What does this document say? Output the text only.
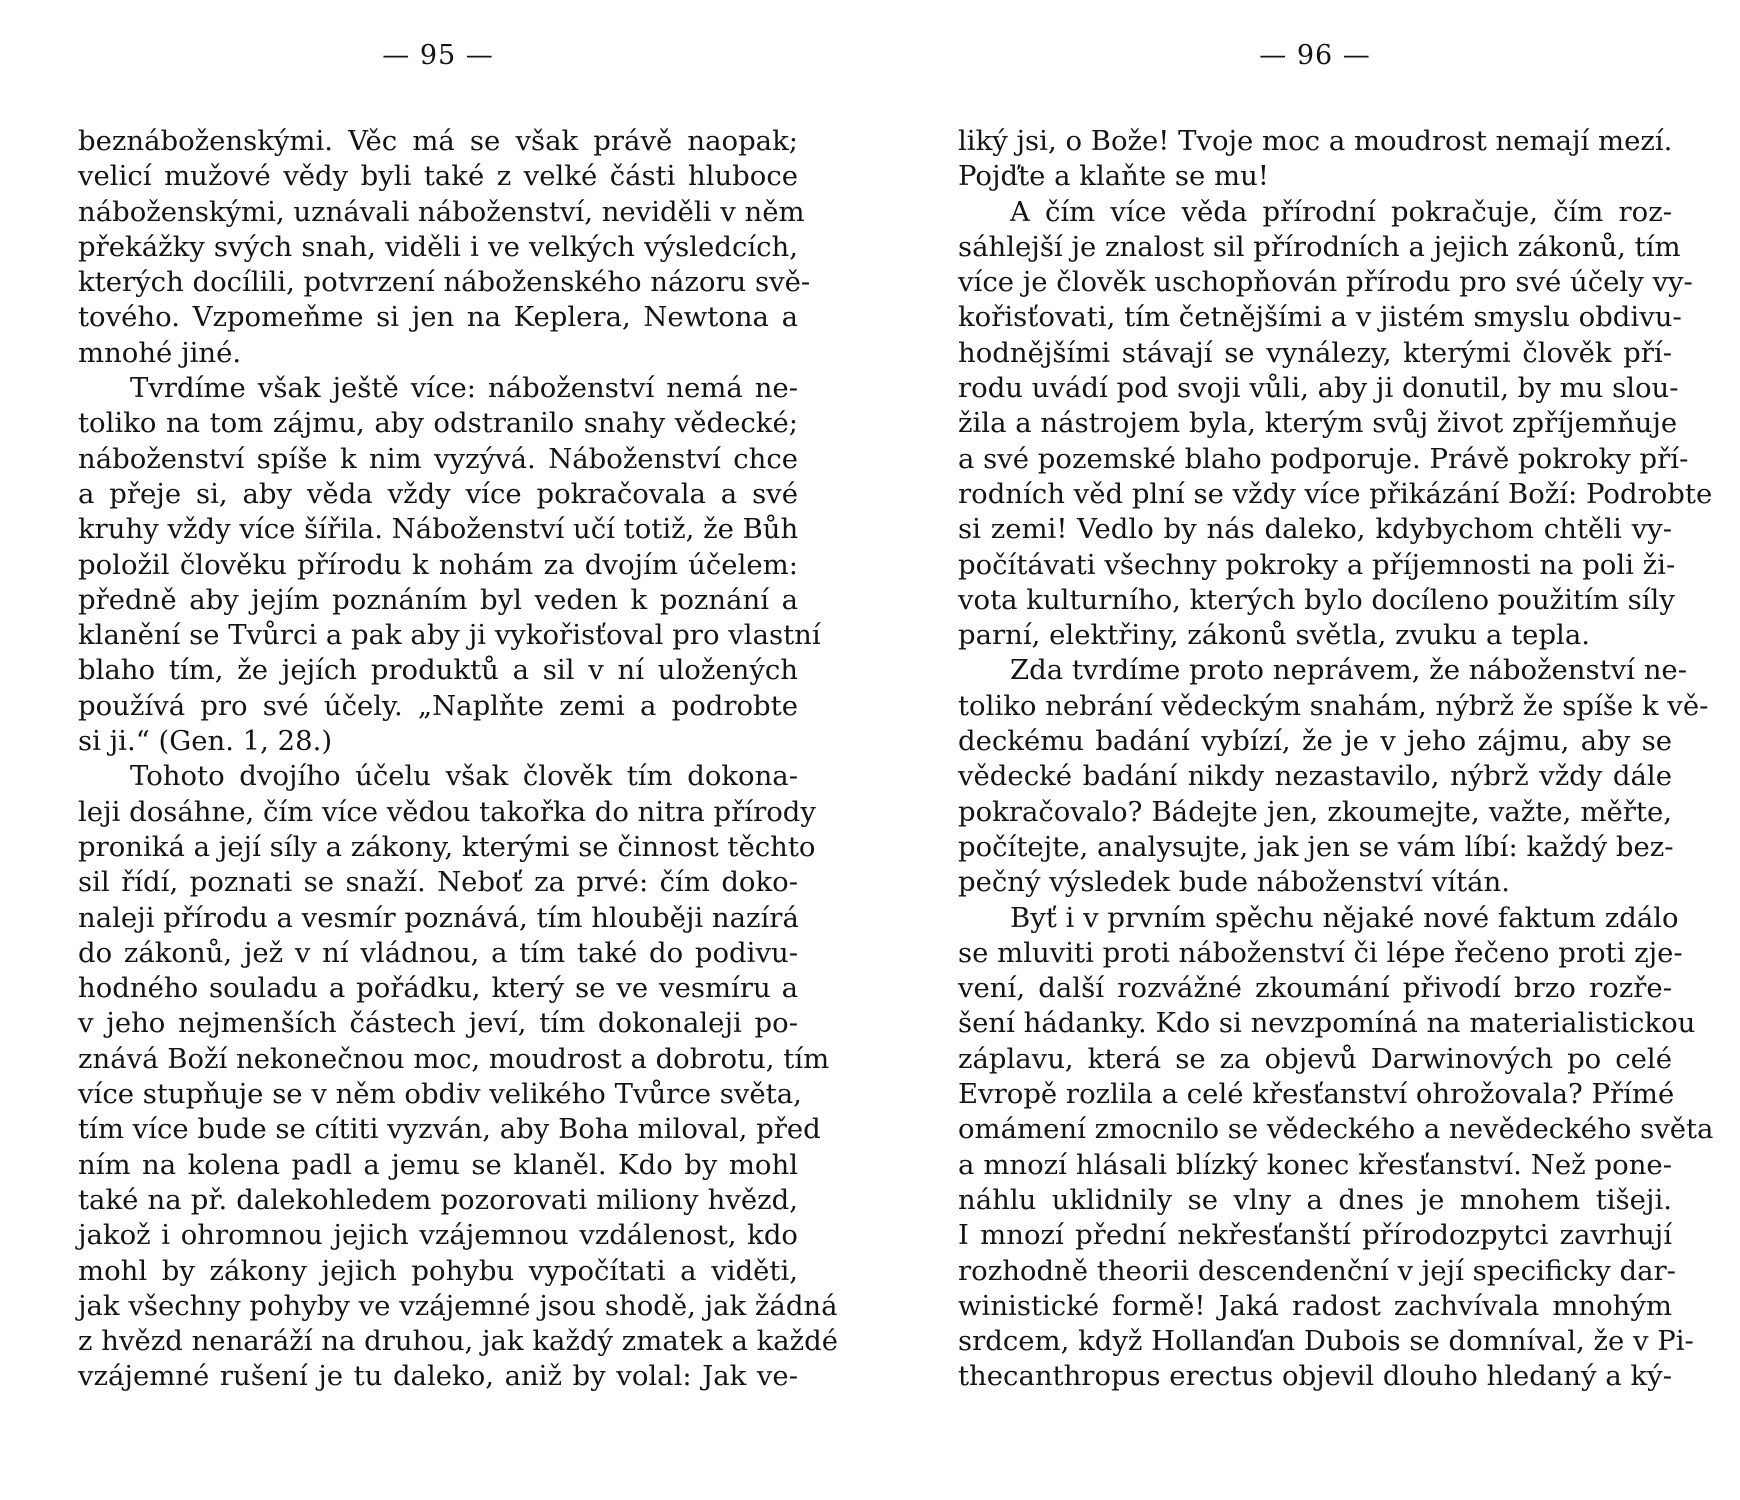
— 95 —
beznáboženskými. Věc má se však právě naopak;
velicí mužové vědy byli také z velké části hluboce
náboženskými, uznávali náboženství, neviděli v něm
překážky svých snah, viděli i ve velkých výsledcích,
kterých docílili, potvrzení náboženského názoru svě-
tového. Vzpomeňme si jen na Keplera, Newtona a
mnohé jiné.
Tvrdíme však ještě více: náboženství nemá ne-
toliko na tom zájmu, aby odstranilo snahy vědecké;
náboženství spíše k nim vyzývá. Náboženství chce
a přeje si, aby věda vždy více pokračovala a své
kruhy vždy více šířila. Náboženství učí totiž, že Bůh
položil člověku přírodu k nohám za dvojím účelem:
předně aby jejím poznáním byl veden k poznání a
klanění se Tvůrci a pak aby ji vykořisťoval pro vlastní
blaho tím, že jejích produktů a sil v ní uložených
používá pro své účely. „Naplňte zemi a podrobte
si ji.“ (Gen. 1, 28.)
Tohoto dvojího účelu však člověk tím dokona-
leji dosáhne, čím více vědou takořka do nitra přírody
proniká a její síly a zákony, kterými se činnost těchto
sil řídí, poznati se snaží. Neboť za prvé: čím doko-
naleji přírodu a vesmír poznává, tím hlouběji nazírá
do zákonů, jež v ní vládnou, a tím také do podivu-
hodného souladu a pořádku, který se ve vesmíru a
v jeho nejmenších částech jeví, tím dokonaleji po-
znává Boží nekonečnou moc, moudrost a dobrotu, tím
více stupňuje se v něm obdiv velikého Tvůrce světa,
tím více bude se cítiti vyzván, aby Boha miloval, před
ním na kolena padl a jemu se klaněl. Kdo by mohl
také na př. dalekohledem pozorovati miliony hvězd,
jakož i ohromnou jejich vzájemnou vzdálenost, kdo
mohl by zákony jejich pohybu vypočítati a viděti,
jak všechny pohyby ve vzájemné jsou shodě, jak žádná
z hvězd nenaráží na druhou, jak každý zmatek a každé
vzájemné rušení je tu daleko, aniž by volal: Jak ve-
— 96 —
liký jsi, o Bože! Tvoje moc a moudrost nemají mezí.
Pojďte a klaňte se mu!
A čím více věda přírodní pokračuje, čím roz-
sáhlejší je znalost sil přírodních a jejich zákonů, tím
více je člověk uschopňován přírodu pro své účely vy-
kořisťovati, tím četnějšími a v jistém smyslu obdivu-
hodnějšími stávají se vynálezy, kterými člověk pří-
rodu uvádí pod svoji vůli, aby ji donutil, by mu slou-
žila a nástrojem byla, kterým svůj život zpříjemňuje
a své pozemské blaho podporuje. Právě pokroky pří-
rodních věd plní se vždy více přikázání Boží: Podrobte
si zemi! Vedlo by nás daleko, kdybychom chtěli vy-
počítávati všechny pokroky a příjemnosti na poli ži-
vota kulturního, kterých bylo docíleno použitím síly
parní, elektřiny, zákonů světla, zvuku a tepla.
Zda tvrdíme proto neprávem, že náboženství ne-
toliko nebrání vědeckým snahám, nýbrž že spíše k vě-
deckému badání vybízí, že je v jeho zájmu, aby se
vědecké badání nikdy nezastavilo, nýbrž vždy dále
pokračovalo? Bádejte jen, zkoumejte, važte, měřte,
počítejte, analysujte, jak jen se vám líbí: každý bez-
pečný výsledek bude náboženství vítán.
Byť i v prvním spěchu nějaké nové faktum zdálo
se mluviti proti náboženství či lépe řečeno proti zje-
vení, další rozvážné zkoumání přivodí brzo rozře-
šení hádanky. Kdo si nevzpomíná na materialistickou
záplavu, která se za objevů Darwinových po celé
Evropě rozlila a celé křesťanství ohrožovala? Přímé
omámení zmocnilo se vědeckého a nevědeckého světa
a mnozí hlásali blízký konec křesťanství. Než pone-
náhlu uklidnily se vlny a dnes je mnohem tišeji.
I mnozí přední nekřesťanští přírodozpytci zavrhují
rozhodně theorii descendenční v její specificky dar-
winistické formě! Jaká radost zachvívala mnohým
srdcem, když Hollanďan Dubois se domníval, že v Pi-
thecanthropus erectus objevil dlouho hledaný a ký-
